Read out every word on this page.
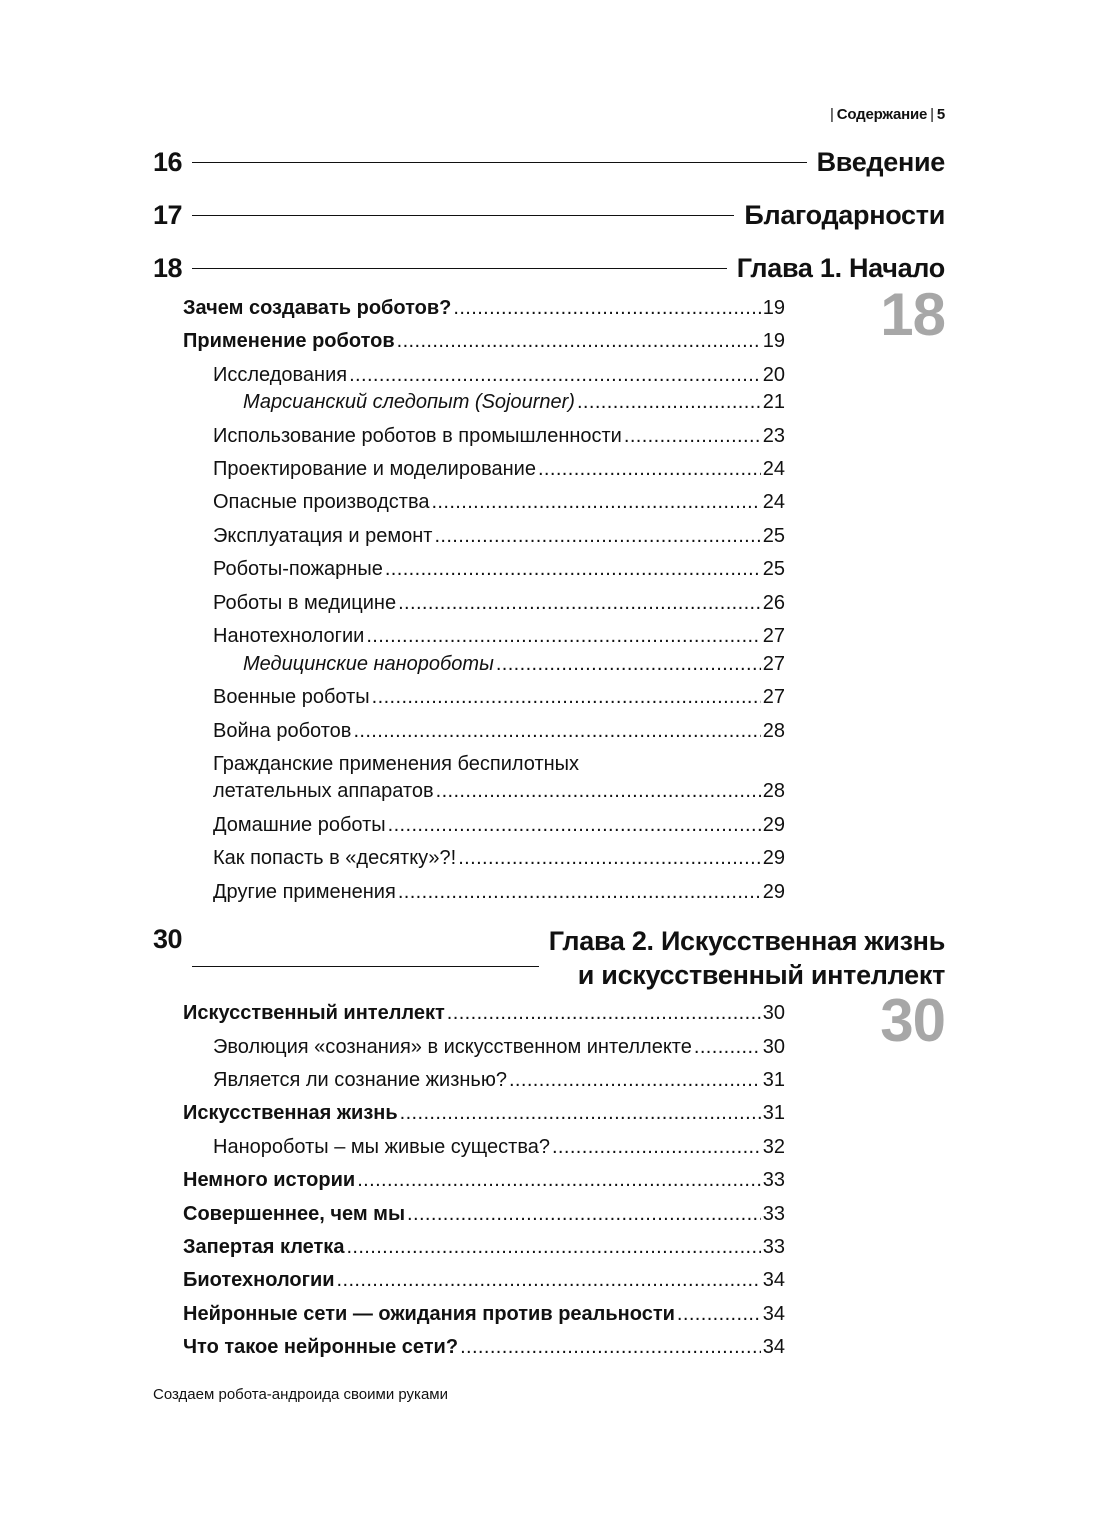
| Содержание | 5
16	Введение
17	Благодарности
18	Глава 1. Начало
18
Зачем создавать роботов? .....	19
Применение роботов .....	19
Исследования .....	20
Марсианский следопыт (Sojourner) .....	21
Использование роботов в промышленности .....	23
Проектирование и моделирование .....	24
Опасные производства .....	24
Эксплуатация и ремонт .....	25
Роботы-пожарные .....	25
Роботы в медицине .....	26
Нанотехнологии .....	27
Медицинские нанороботы .....	27
Военные роботы .....	27
Война роботов .....	28
Гражданские применения беспилотных
летательных аппаратов .....	28
Домашние роботы .....	29
Как попасть в «десятку»?! .....	29
Другие применения .....	29
30	Глава 2. Искусственная жизнь
и искусственный интеллект
30
Искусственный интеллект .....	30
Эволюция «сознания» в искусственном интеллекте .....	30
Является ли сознание жизнью? .....	31
Искусственная жизнь .....	31
Нанороботы – мы живые существа? .....	32
Немного истории .....	33
Совершеннее, чем мы .....	33
Запертая клетка .....	33
Биотехнологии .....	34
Нейронные сети — ожидания против реальности .....	34
Что такое нейронные сети? .....	34
Создаем робота-андроида своими руками
